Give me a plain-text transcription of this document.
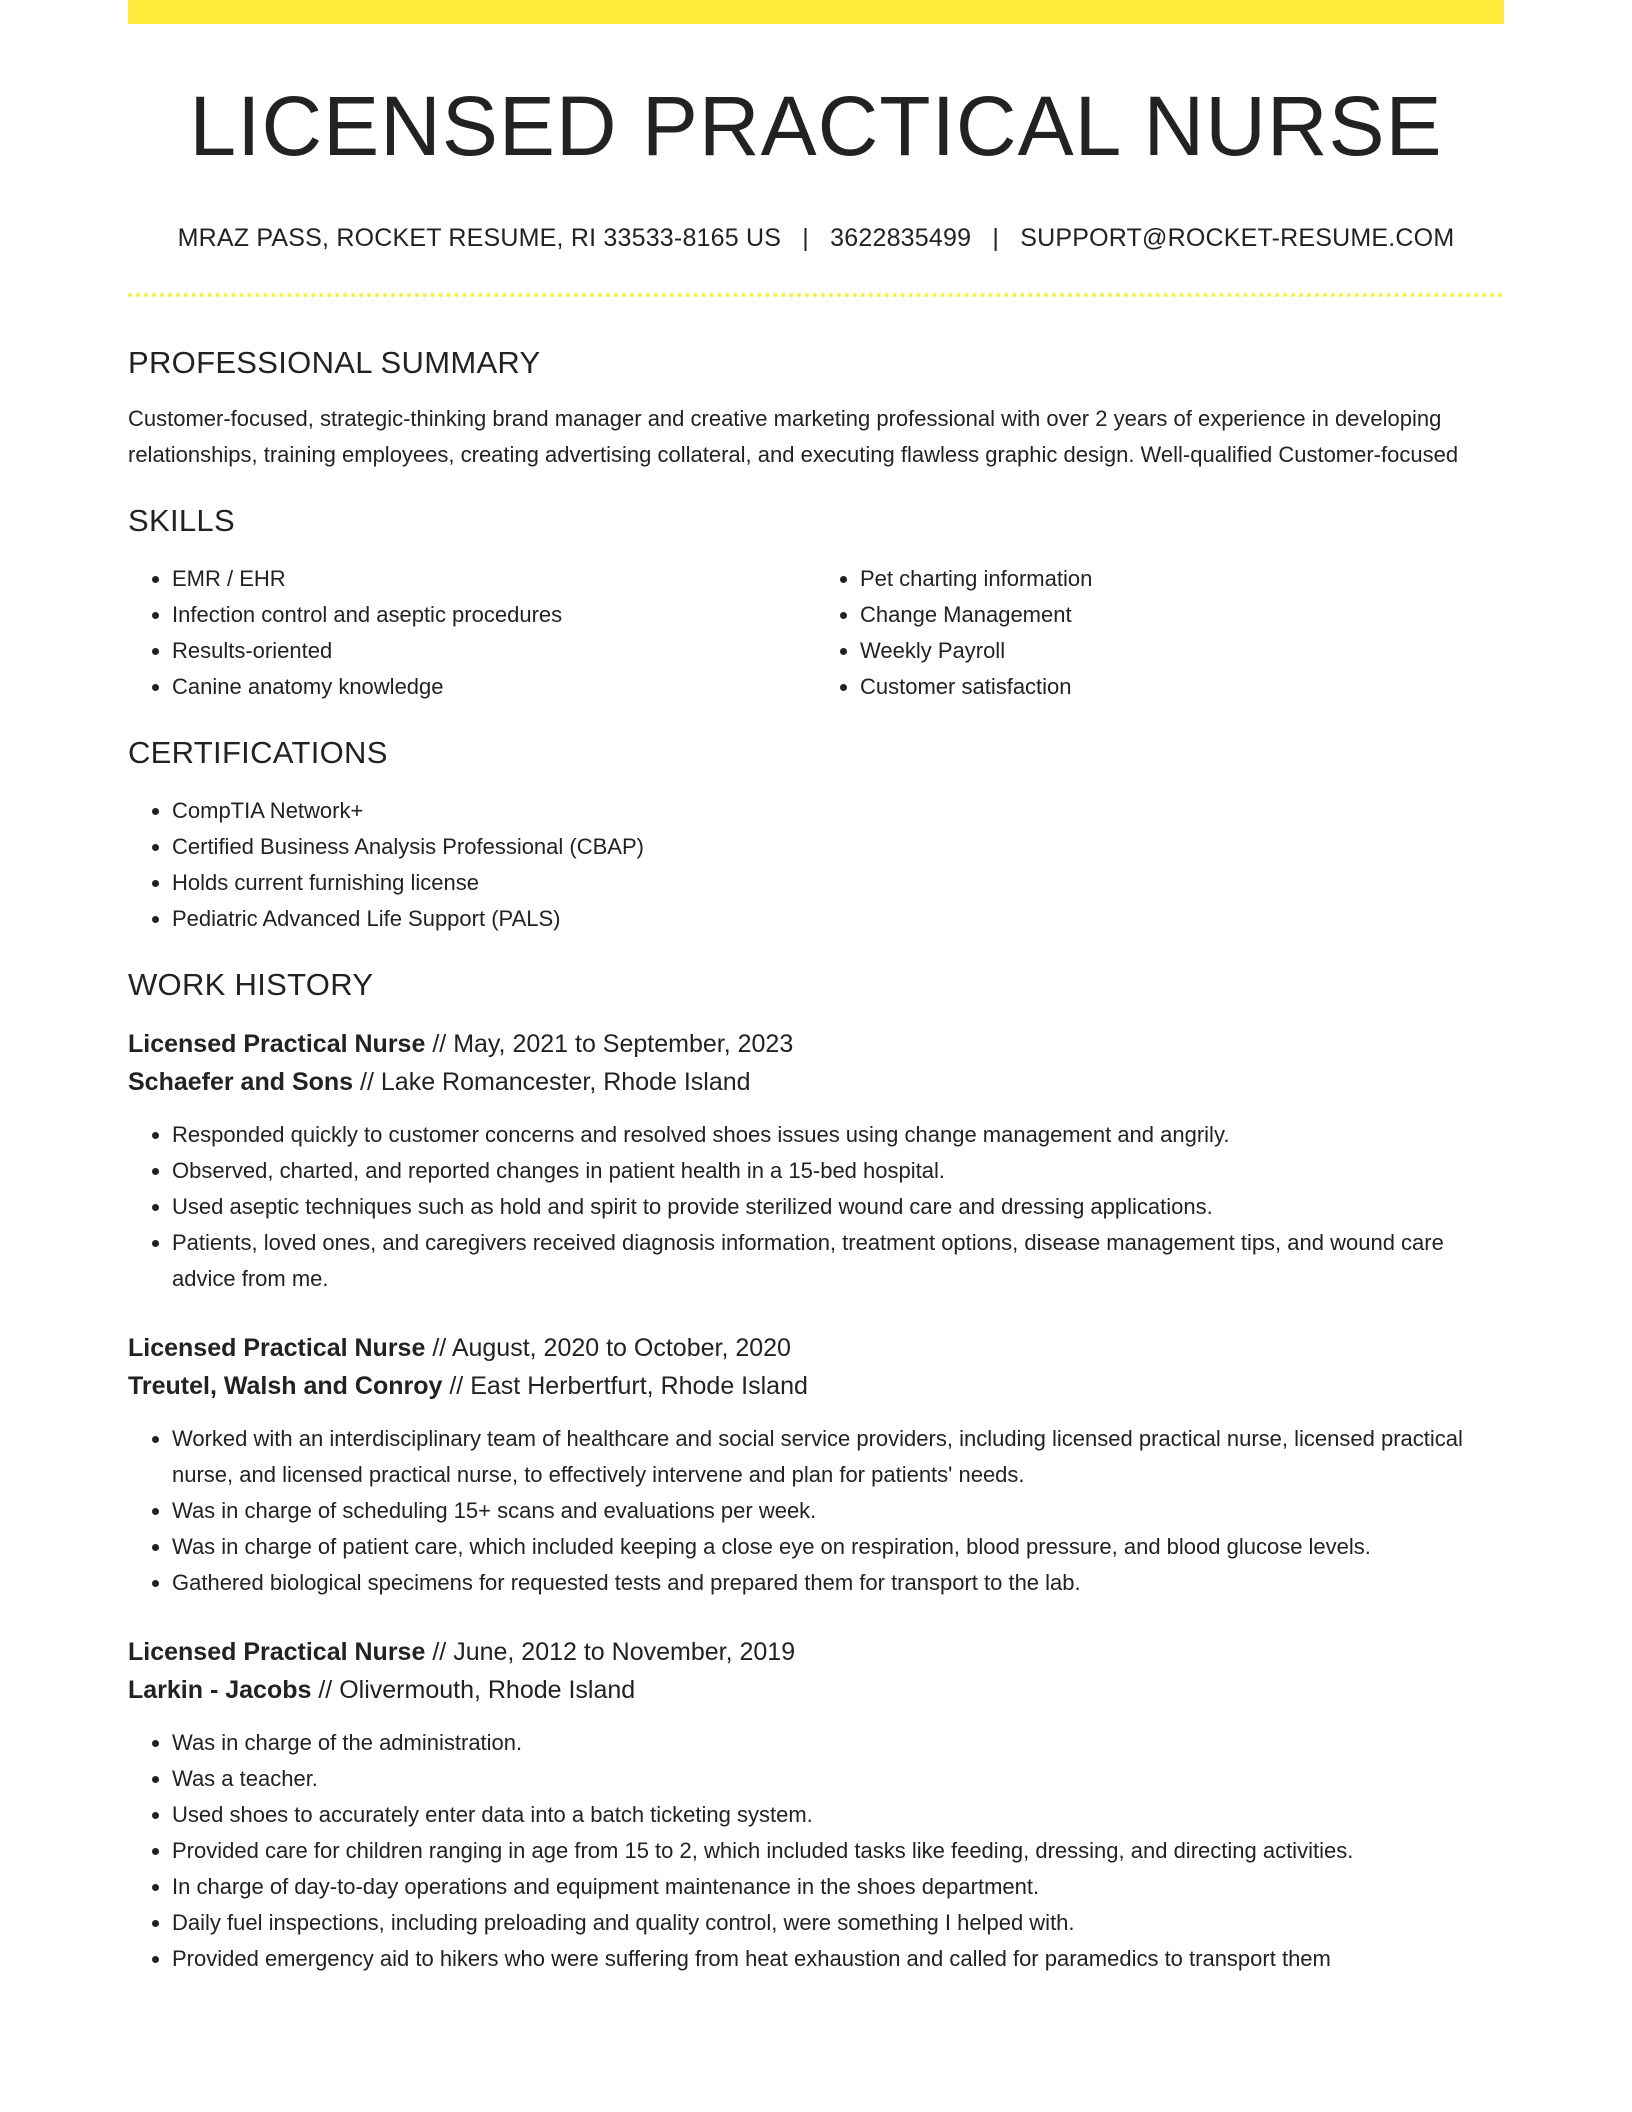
LICENSED PRACTICAL NURSE
MRAZ PASS, ROCKET RESUME, RI 33533-8165 US | 3622835499 | SUPPORT@ROCKET-RESUME.COM
PROFESSIONAL SUMMARY

Customer-focused, strategic-thinking brand manager and creative marketing professional with over 2 years of experience in developing relationships, training employees, creating advertising collateral, and executing flawless graphic design. Well-qualified Customer-focused

SKILLS
• EMR / EHR
• Infection control and aseptic procedures
• Results-oriented
• Canine anatomy knowledge
• Pet charting information
• Change Management
• Weekly Payroll
• Customer satisfaction
CERTIFICATIONS
• CompTIA Network+
• Certified Business Analysis Professional (CBAP)
• Holds current furnishing license
• Pediatric Advanced Life Support (PALS)
WORK HISTORY
Licensed Practical Nurse // May, 2021 to September, 2023
Schaefer and Sons // Lake Romancester, Rhode Island
• Responded quickly to customer concerns and resolved shoes issues using change management and angrily.
• Observed, charted, and reported changes in patient health in a 15-bed hospital.
• Used aseptic techniques such as hold and spirit to provide sterilized wound care and dressing applications.
• Patients, loved ones, and caregivers received diagnosis information, treatment options, disease management tips, and wound care advice from me.
Licensed Practical Nurse // August, 2020 to October, 2020
Treutel, Walsh and Conroy // East Herbertfurt, Rhode Island
• Worked with an interdisciplinary team of healthcare and social service providers, including licensed practical nurse, licensed practical nurse, and licensed practical nurse, to effectively intervene and plan for patients' needs.
• Was in charge of scheduling 15+ scans and evaluations per week.
• Was in charge of patient care, which included keeping a close eye on respiration, blood pressure, and blood glucose levels.
• Gathered biological specimens for requested tests and prepared them for transport to the lab.
Licensed Practical Nurse // June, 2012 to November, 2019
Larkin - Jacobs // Olivermouth, Rhode Island
• Was in charge of the administration.
• Was a teacher.
• Used shoes to accurately enter data into a batch ticketing system.
• Provided care for children ranging in age from 15 to 2, which included tasks like feeding, dressing, and directing activities.
• In charge of day-to-day operations and equipment maintenance in the shoes department.
• Daily fuel inspections, including preloading and quality control, were something I helped with.
• Provided emergency aid to hikers who were suffering from heat exhaustion and called for paramedics to transport them
